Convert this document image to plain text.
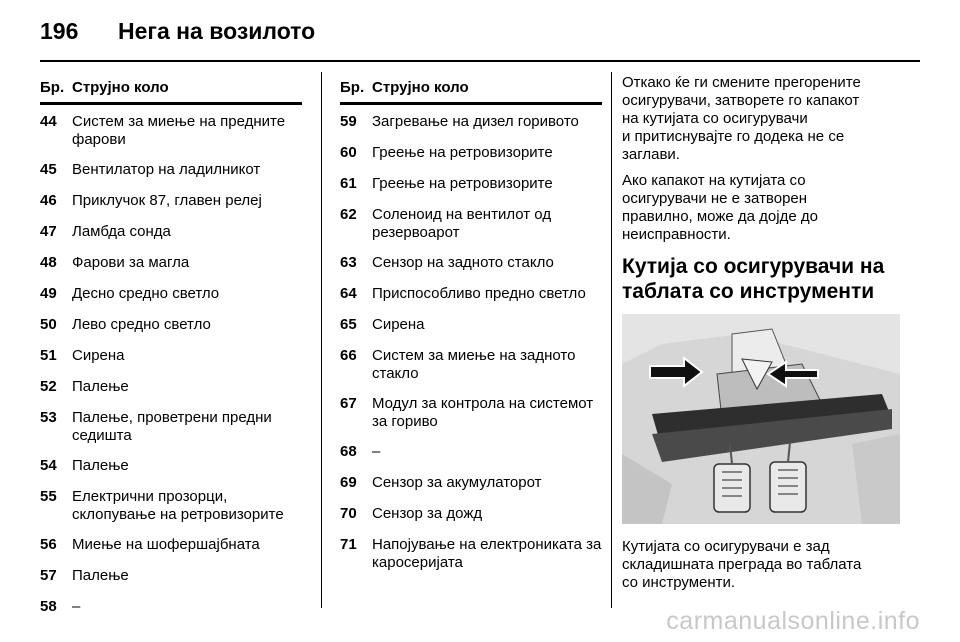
196 Нега на возилото
Бр. Струјно коло
44	Систем за миење на предните фарови
45	Вентилатор на ладилникот
46	Приклучок 87, главен релеј
47	Ламбда сонда
48	Фарови за магла
49	Десно средно светло
50	Лево средно светло
51	Сирена
52	Палење
53	Палење, проветрени предни седишта
54	Палење
55	Електрични прозорци, склопување на ретровизорите
56	Миење на шофершајбната
57	Палење
58	–
Бр. Струјно коло
59	Загревање на дизел горивото
60	Греење на ретровизорите
61	Греење на ретровизорите
62	Соленоид на вентилот од резервоарот
63	Сензор на задното стакло
64	Приспособливо предно светло
65	Сирена
66	Систем за миење на задното стакло
67	Модул за контрола на системот за гориво
68	–
69	Сензор за акумулаторот
70	Сензор за дожд
71	Напојување на електрониката за каросеријата
Откако ќе ги смените прегорените
осигурувачи, затворете го капакот
на кутијата со осигурувачи
и притиснувајте го додека не се
заглави.
Ако капакот на кутијата со
осигурувачи не е затворен
правилно, може да дојде до
неисправности.
Кутија со осигурувачи на
таблата со инструменти
Кутијата со осигурувачи е зад
складишната преграда во таблата
со инструменти.
carmanualsonline.info
